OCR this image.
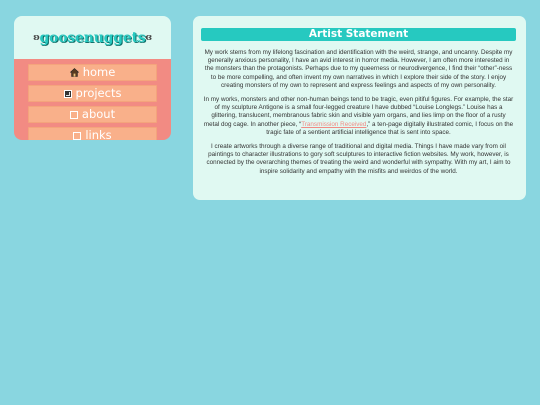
ʚgoosenuggetsɞ
home
projects
about
links
Artist Statement

My work stems from my lifelong fascination and identification with the weird, strange, and uncanny. Despite my generally anxious personality, I have an avid interest in horror media. However, I am often more interested in the monsters than the protagonists. Perhaps due to my queerness or neurodivergence, I find their “other”-ness to be more compelling, and often invent my own narratives in which I explore their side of the story. I enjoy creating monsters of my own to represent and express feelings and aspects of my own personality.

In my works, monsters and other non-human beings tend to be tragic, even pitiful figures. For example, the star of my sculpture Antigone is a small four-legged creature I have dubbed “Louise Longlegs.” Louise has a glittering, translucent, membranous fabric skin and visible yarn organs, and lies limp on the floor of a rusty metal dog cage. In another piece, “Transmission Received,” a ten-page digitally illustrated comic, I focus on the tragic fate of a sentient artificial intelligence that is sent into space.

I create artworks through a diverse range of traditional and digital media. Things I have made vary from oil paintings to character illustrations to gory soft sculptures to interactive fiction websites. My work, however, is connected by the overarching themes of treating the weird and wonderful with sympathy. With my art, I aim to inspire solidarity and empathy with the misfits and weirdos of the world.
